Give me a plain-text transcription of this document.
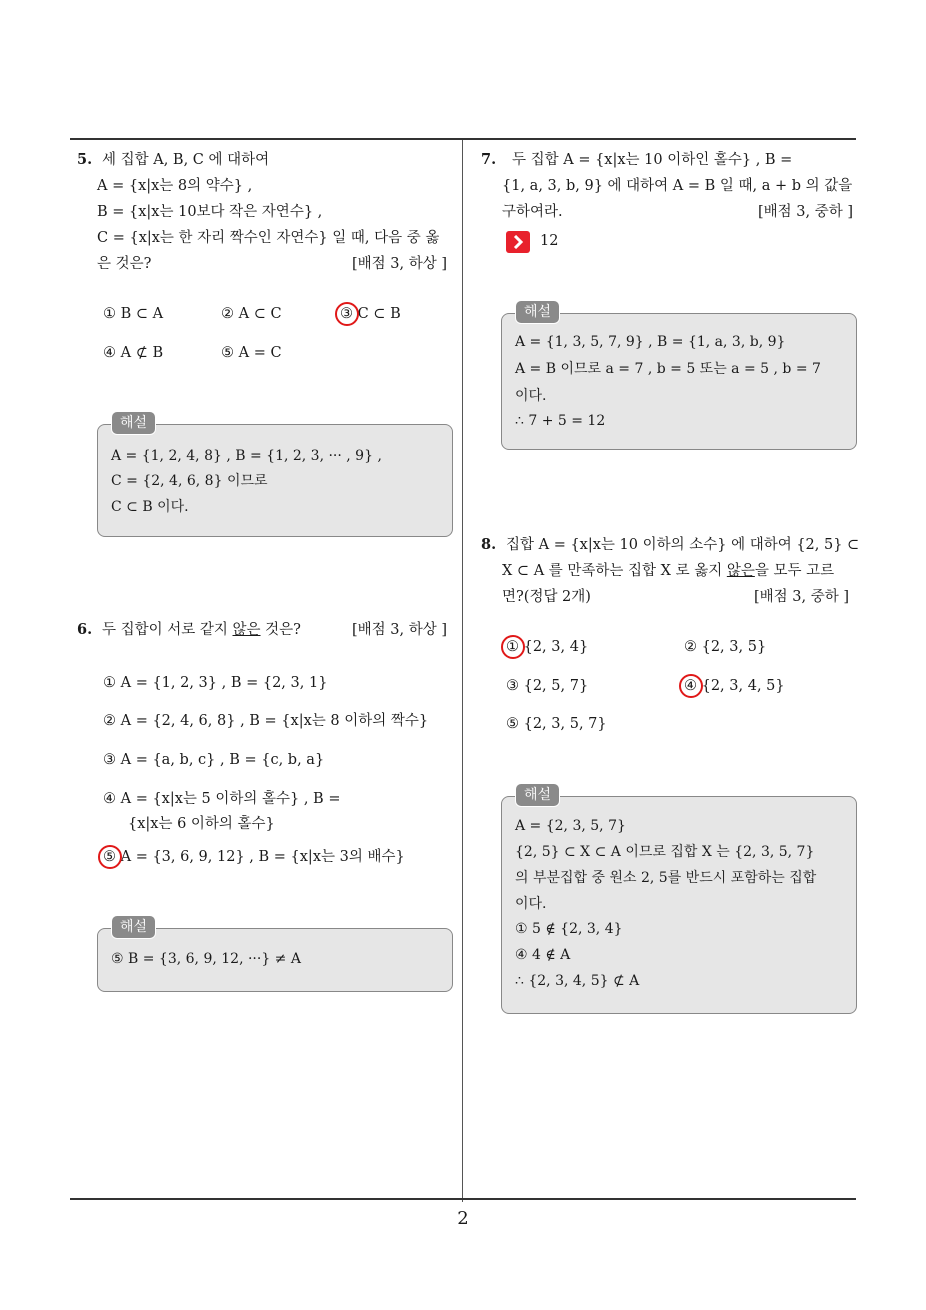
2
5. 세 집합 A, B, C 에 대하여
A = {x|x는 8의 약수} ,
B = {x|x는 10보다 작은 자연수} ,
C = {x|x는 한 자리 짝수인 자연수} 일 때, 다음 중 옳
은 것은?	[배점 3, 하상 ]
① B ⊂ A	② A ⊂ C	③ C ⊂ B
④ A ⊄ B	⑤ A = C
A = {1, 2, 4, 8} , B = {1, 2, 3, ··· , 9} ,
C = {2, 4, 6, 8} 이므로
C ⊂ B 이다.
해설
6. 두 집합이 서로 같지 않은 것은?	[배점 3, 하상 ]
① A = {1, 2, 3} , B = {2, 3, 1}
② A = {2, 4, 6, 8} , B = {x|x는 8 이하의 짝수}
③ A = {a, b, c} , B = {c, b, a}
④ A = {x|x는 5 이하의 홀수} , B =
{x|x는 6 이하의 홀수}
⑤ A = {3, 6, 9, 12} , B = {x|x는 3의 배수}
⑤ B = {3, 6, 9, 12, ···} ≠ A
해설
7. 두 집합 A = {x|x는 10 이하인 홀수} , B =
{1, a, 3, b, 9} 에 대하여 A = B 일 때, a + b 의 값을
구하여라.	[배점 3, 중하 ]
12
A = {1, 3, 5, 7, 9} , B = {1, a, 3, b, 9}
A = B 이므로 a = 7 , b = 5 또는 a = 5 , b = 7
이다.
∴ 7 + 5 = 12
해설
8. 집합 A = {x|x는 10 이하의 소수} 에 대하여 {2, 5} ⊂
X ⊂ A 를 만족하는 집합 X 로 옳지 않은을 모두 고르
면?(정답 2개)	[배점 3, 중하 ]
① {2, 3, 4}	② {2, 3, 5}
③ {2, 5, 7}	④ {2, 3, 4, 5}
⑤ {2, 3, 5, 7}
A = {2, 3, 5, 7}
{2, 5} ⊂ X ⊂ A 이므로 집합 X 는 {2, 3, 5, 7}
의 부분집합 중 원소 2, 5를 반드시 포함하는 집합
이다.
① 5 ∉ {2, 3, 4}
④ 4 ∉ A
∴ {2, 3, 4, 5} ⊄ A
해설
